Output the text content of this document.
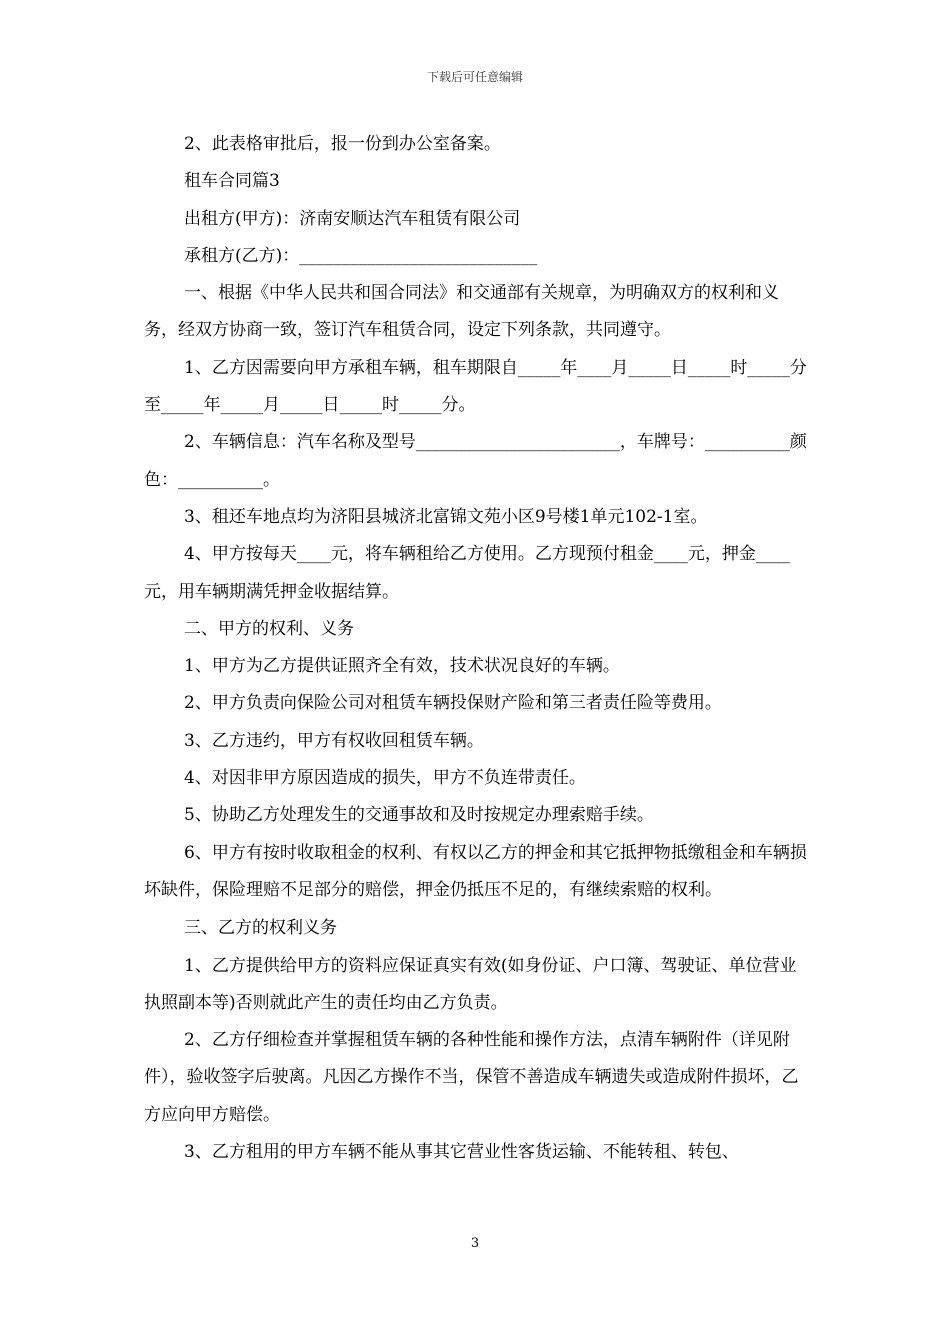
下载后可任意编辑

2、此表格审批后，报一份到办公室备案。

租车合同篇3

出租方(甲方)：济南安顺达汽车租赁有限公司

承租方(乙方)：____________________________

一、根据《中华人民共和国合同法》和交通部有关规章，为明确双方的权利和义务，经双方协商一致，签订汽车租赁合同，设定下列条款，共同遵守。

1、乙方因需要向甲方承租车辆，租车期限自_____年____月_____日_____时_____分至_____年_____月_____日_____时_____分。

2、车辆信息：汽车名称及型号________________________，车牌号：__________颜色：__________。

3、租还车地点均为济阳县城济北富锦文苑小区9号楼1单元102-1室。

4、甲方按每天____元，将车辆租给乙方使用。乙方现预付租金____元，押金____元，用车辆期满凭押金收据结算。

二、甲方的权利、义务

1、甲方为乙方提供证照齐全有效，技术状况良好的车辆。

2、甲方负责向保险公司对租赁车辆投保财产险和第三者责任险等费用。

3、乙方违约，甲方有权收回租赁车辆。

4、对因非甲方原因造成的损失，甲方不负连带责任。

5、协助乙方处理发生的交通事故和及时按规定办理索赔手续。

6、甲方有按时收取租金的权利、有权以乙方的押金和其它抵押物抵缴租金和车辆损坏缺件，保险理赔不足部分的赔偿，押金仍抵压不足的，有继续索赔的权利。

三、乙方的权利义务

1、乙方提供给甲方的资料应保证真实有效(如身份证、户口簿、驾驶证、单位营业执照副本等)否则就此产生的责任均由乙方负责。

2、乙方仔细检查并掌握租赁车辆的各种性能和操作方法，点清车辆附件（详见附件），验收签字后驶离。凡因乙方操作不当，保管不善造成车辆遗失或造成附件损坏，乙方应向甲方赔偿。

3、乙方租用的甲方车辆不能从事其它营业性客货运输、不能转租、转包、

3
